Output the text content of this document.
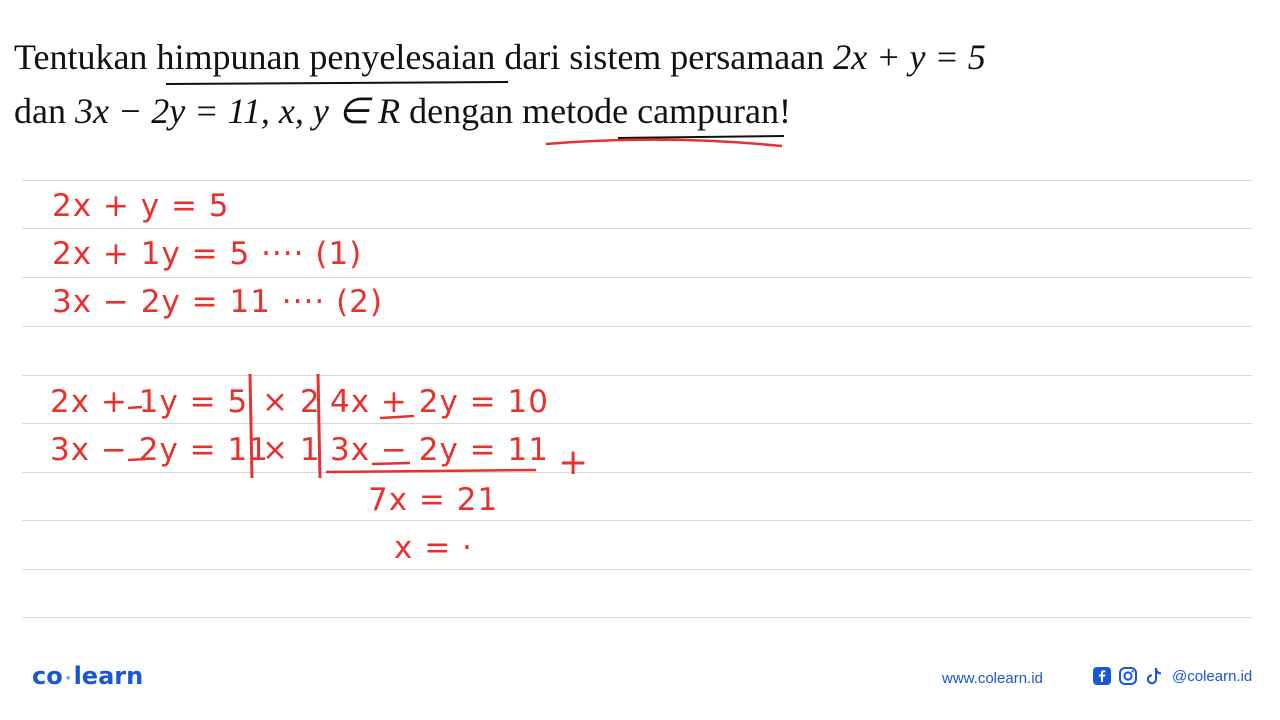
Tentukan himpunan penyelesaian dari sistem persamaan 2x + y = 5
dan 3x − 2y = 11, x, y ∈ R dengan metode campuran!
2x + y = 5
2x + 1y = 5 ···· (1)
3x − 2y = 11 ···· (2)
2x + 1y = 5
3x − 2y = 11
× 2
× 1
4x + 2y = 10
3x − 2y = 11 +
7x = 21
x = ·
co ·learn	www.colearn.id	@colearn.id
